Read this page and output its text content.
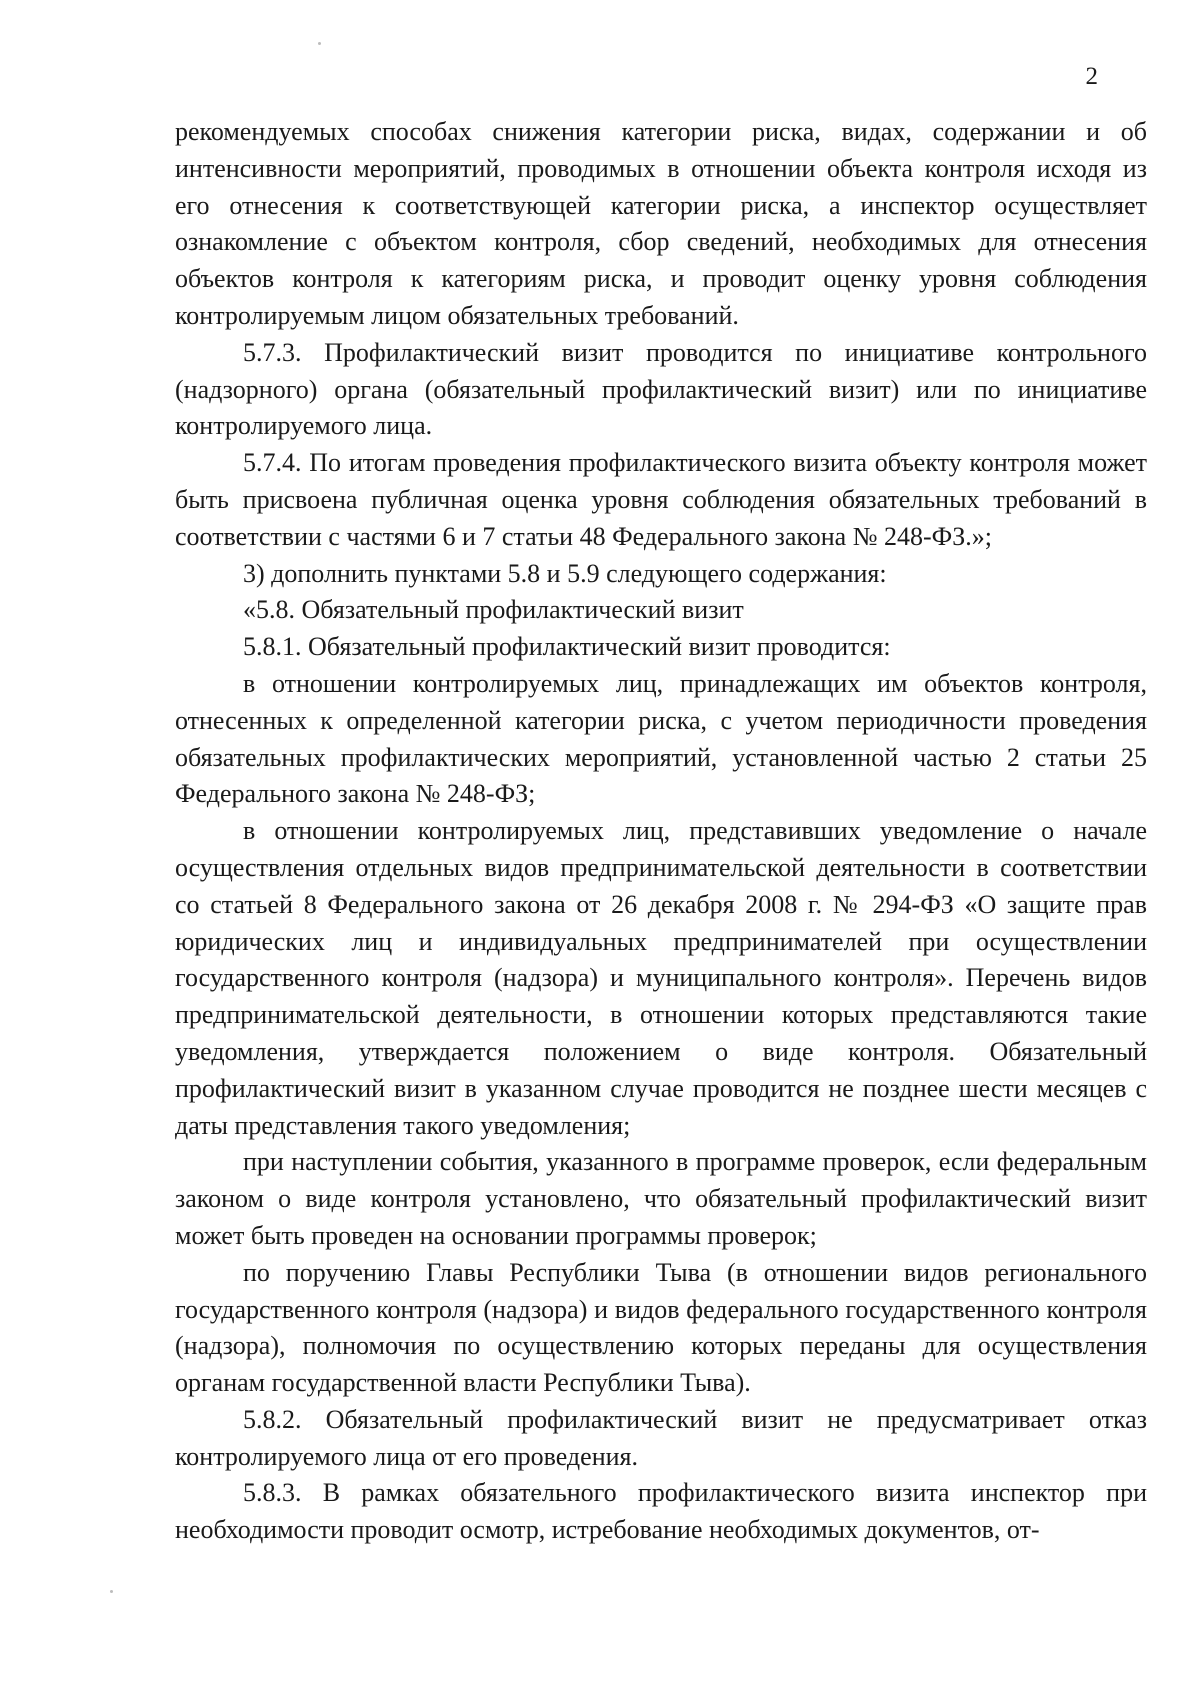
2

рекомендуемых способах снижения категории риска, видах, содержании и об интенсивности мероприятий, проводимых в отношении объекта контроля исходя из его отнесения к соответствующей категории риска, а инспектор осуществляет ознакомление с объектом контроля, сбор сведений, необходимых для отнесения объектов контроля к категориям риска, и проводит оценку уровня соблюдения контролируемым лицом обязательных требований.

5.7.3. Профилактический визит проводится по инициативе контрольного (надзорного) органа (обязательный профилактический визит) или по инициативе контролируемого лица.

5.7.4. По итогам проведения профилактического визита объекту контроля может быть присвоена публичная оценка уровня соблюдения обязательных требований в соответствии с частями 6 и 7 статьи 48 Федерального закона № 248-ФЗ.»;

3) дополнить пунктами 5.8 и 5.9 следующего содержания:

«5.8. Обязательный профилактический визит

5.8.1. Обязательный профилактический визит проводится:

в отношении контролируемых лиц, принадлежащих им объектов контроля, отнесенных к определенной категории риска, с учетом периодичности проведения обязательных профилактических мероприятий, установленной частью 2 статьи 25 Федерального закона № 248-ФЗ;

в отношении контролируемых лиц, представивших уведомление о начале осуществления отдельных видов предпринимательской деятельности в соответствии со статьей 8 Федерального закона от 26 декабря 2008 г. № 294-ФЗ «О защите прав юридических лиц и индивидуальных предпринимателей при осуществлении государственного контроля (надзора) и муниципального контроля». Перечень видов предпринимательской деятельности, в отношении которых представляются такие уведомления, утверждается положением о виде контроля. Обязательный профилактический визит в указанном случае проводится не позднее шести месяцев с даты представления такого уведомления;

при наступлении события, указанного в программе проверок, если федеральным законом о виде контроля установлено, что обязательный профилактический визит может быть проведен на основании программы проверок;

по поручению Главы Республики Тыва (в отношении видов регионального государственного контроля (надзора) и видов федерального государственного контроля (надзора), полномочия по осуществлению которых переданы для осуществления органам государственной власти Республики Тыва).

5.8.2. Обязательный профилактический визит не предусматривает отказ контролируемого лица от его проведения.

5.8.3. В рамках обязательного профилактического визита инспектор при необходимости проводит осмотр, истребование необходимых документов, от-
